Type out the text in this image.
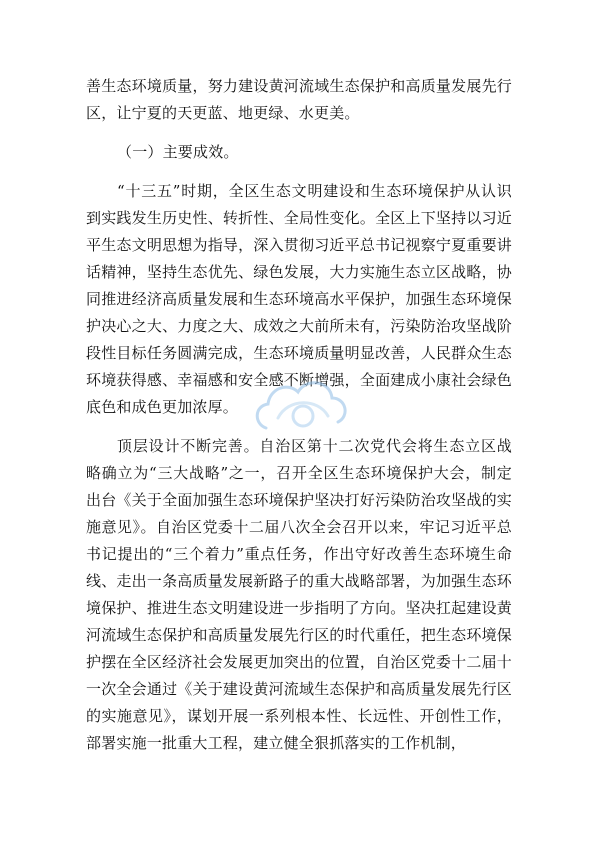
善生态环境质量，努力建设黄河流域生态保护和高质量发展先行区，让宁夏的天更蓝、地更绿、水更美。

（一）主要成效。

“十三五”时期，全区生态文明建设和生态环境保护从认识到实践发生历史性、转折性、全局性变化。全区上下坚持以习近平生态文明思想为指导，深入贯彻习近平总书记视察宁夏重要讲话精神，坚持生态优先、绿色发展，大力实施生态立区战略，协同推进经济高质量发展和生态环境高水平保护，加强生态环境保护决心之大、力度之大、成效之大前所未有，污染防治攻坚战阶段性目标任务圆满完成，生态环境质量明显改善，人民群众生态环境获得感、幸福感和安全感不断增强，全面建成小康社会绿色底色和成色更加浓厚。

顶层设计不断完善。自治区第十二次党代会将生态立区战略确立为“三大战略”之一，召开全区生态环境保护大会，制定出台《关于全面加强生态环境保护坚决打好污染防治攻坚战的实施意见》。自治区党委十二届八次全会召开以来，牢记习近平总书记提出的“三个着力”重点任务，作出守好改善生态环境生命线、走出一条高质量发展新路子的重大战略部署，为加强生态环境保护、推进生态文明建设进一步指明了方向。坚决扛起建设黄河流域生态保护和高质量发展先行区的时代重任，把生态环境保护摆在全区经济社会发展更加突出的位置，自治区党委十二届十一次全会通过《关于建设黄河流域生态保护和高质量发展先行区的实施意见》，谋划开展一系列根本性、长远性、开创性工作，部署实施一批重大工程，建立健全狠抓落实的工作机制，
